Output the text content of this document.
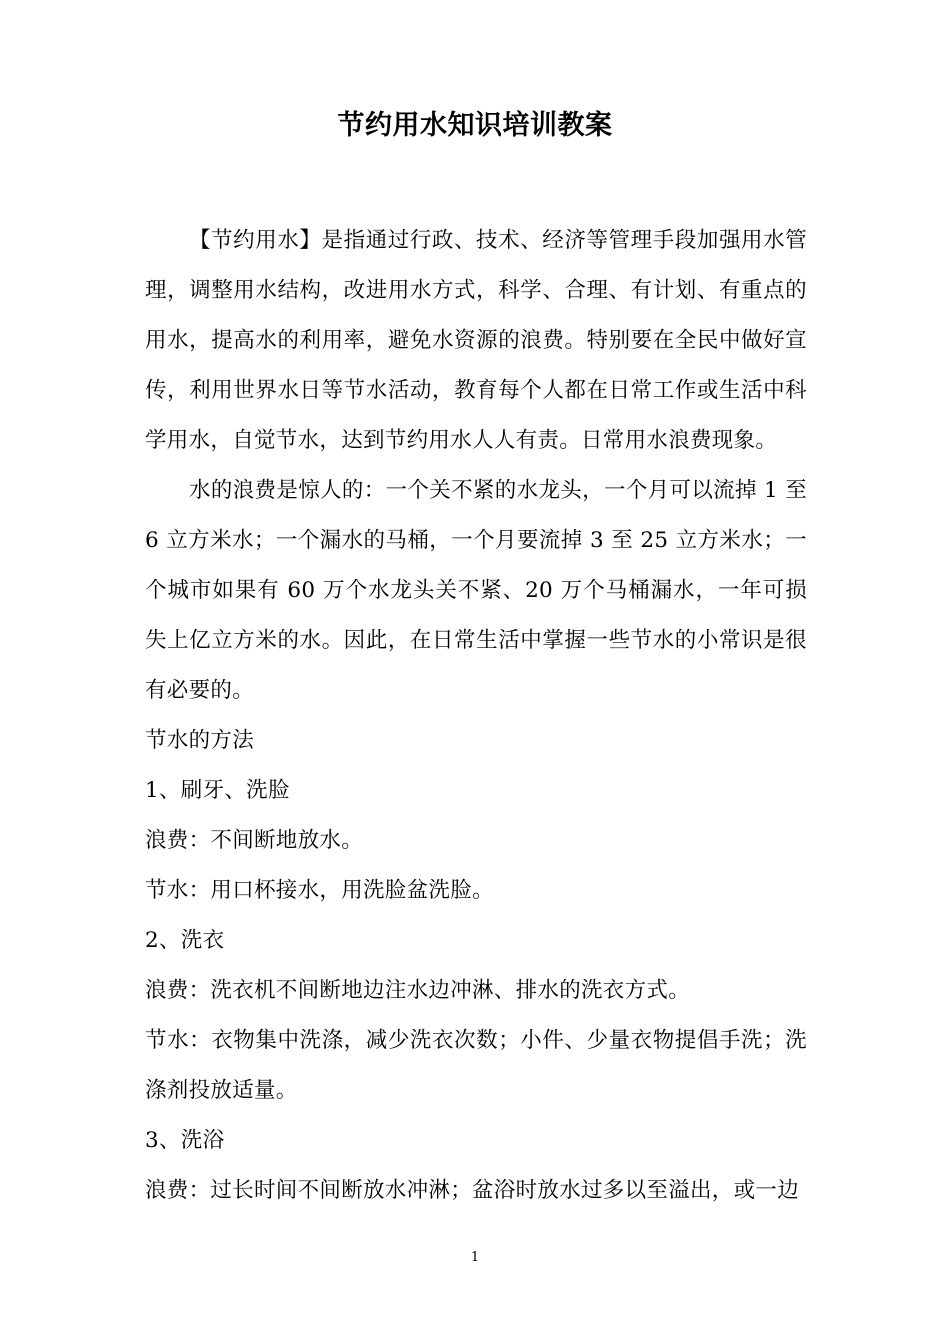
节约用水知识培训教案

【节约用水】是指通过行政、技术、经济等管理手段加强用水管理，调整用水结构，改进用水方式，科学、合理、有计划、有重点的用水，提高水的利用率，避免水资源的浪费。特别要在全民中做好宣传，利用世界水日等节水活动，教育每个人都在日常工作或生活中科学用水，自觉节水，达到节约用水人人有责。日常用水浪费现象。

水的浪费是惊人的：一个关不紧的水龙头，一个月可以流掉 1 至 6 立方米水；一个漏水的马桶，一个月要流掉 3 至 25 立方米水；一个城市如果有 60 万个水龙头关不紧、20 万个马桶漏水，一年可损失上亿立方米的水。因此，在日常生活中掌握一些节水的小常识是很有必要的。

节水的方法

1、刷牙、洗脸

浪费：不间断地放水。

节水：用口杯接水，用洗脸盆洗脸。

2、洗衣

浪费：洗衣机不间断地边注水边冲淋、排水的洗衣方式。

节水：衣物集中洗涤，减少洗衣次数；小件、少量衣物提倡手洗；洗涤剂投放适量。

3、洗浴

浪费：过长时间不间断放水冲淋；盆浴时放水过多以至溢出，或一边

1
